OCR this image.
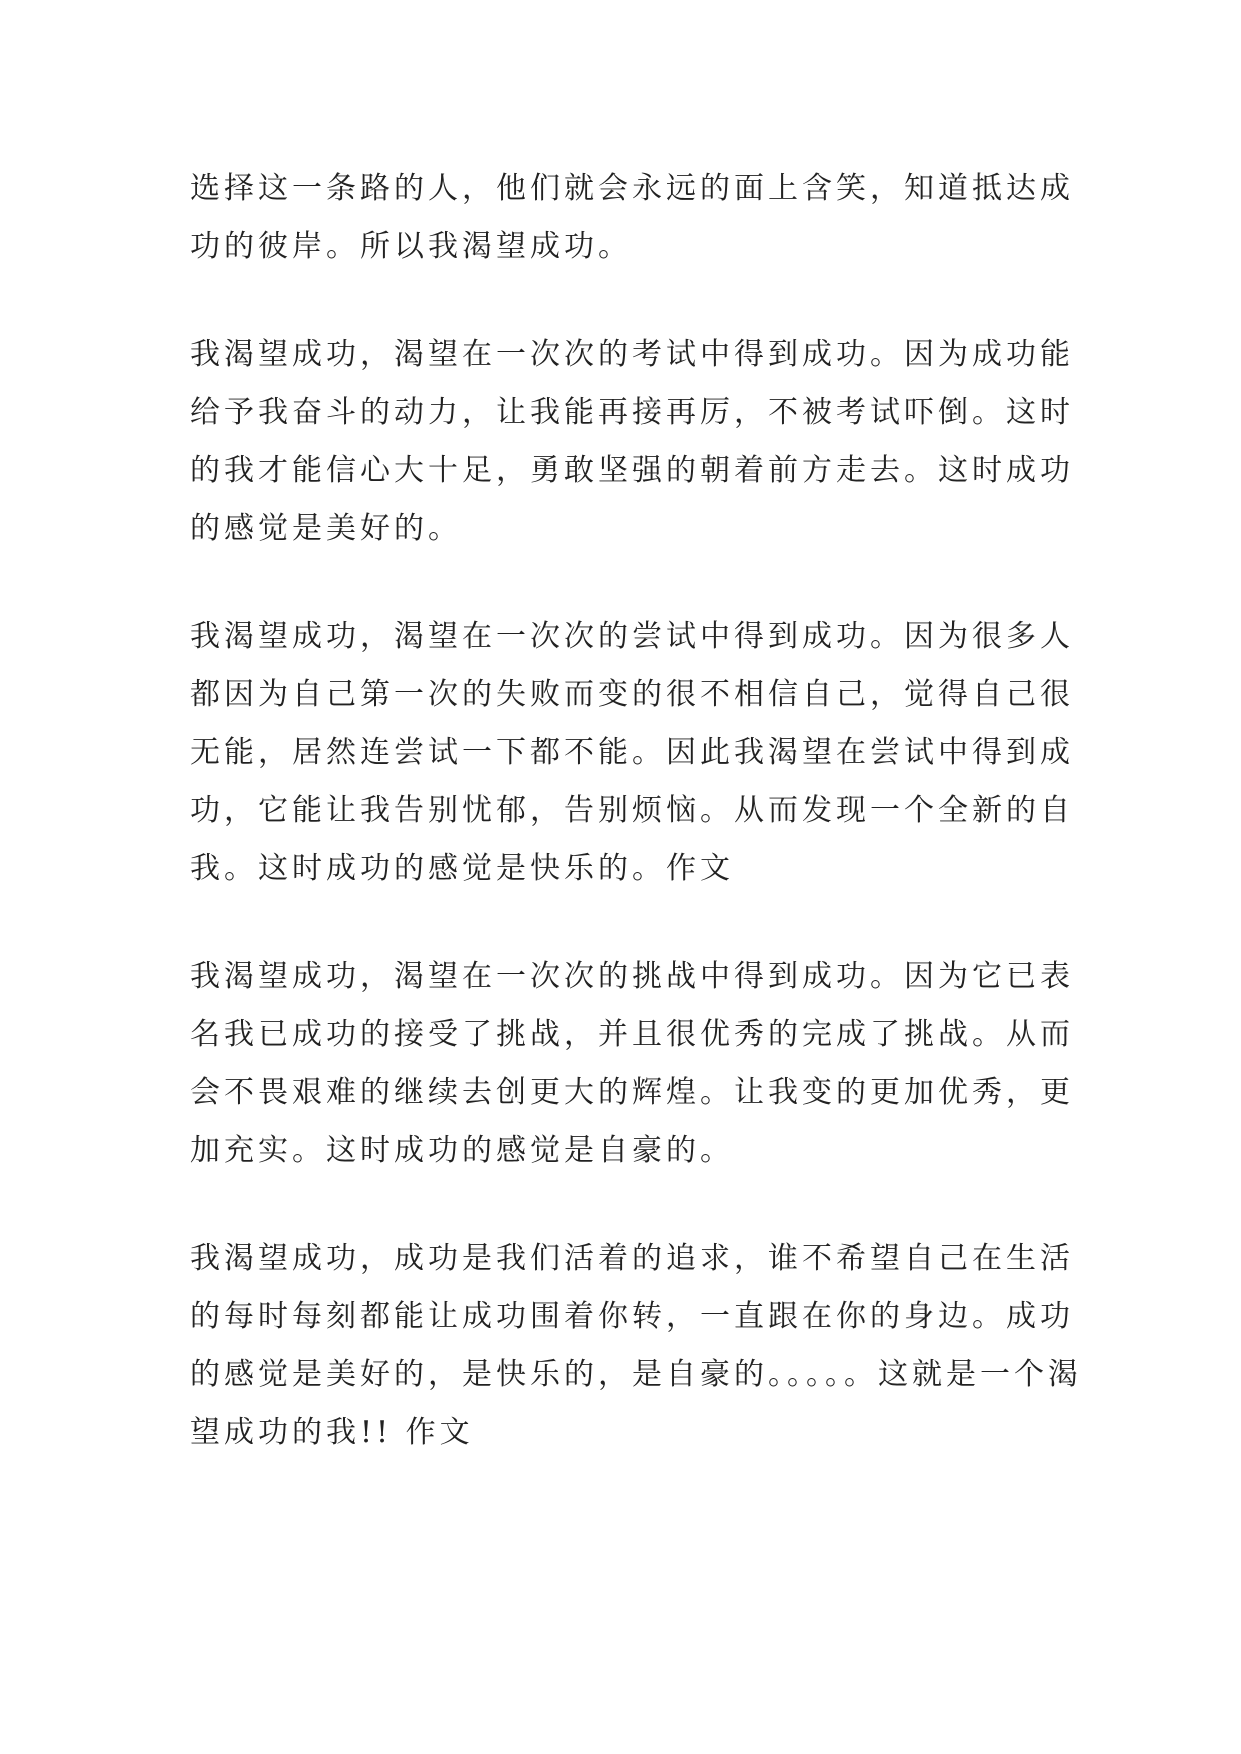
选择这一条路的人，他们就会永远的面上含笑，知道抵达成
功的彼岸。所以我渴望成功。

我渴望成功，渴望在一次次的考试中得到成功。因为成功能
给予我奋斗的动力，让我能再接再厉，不被考试吓倒。这时
的我才能信心大十足，勇敢坚强的朝着前方走去。这时成功
的感觉是美好的。

我渴望成功，渴望在一次次的尝试中得到成功。因为很多人
都因为自己第一次的失败而变的很不相信自己，觉得自己很
无能，居然连尝试一下都不能。因此我渴望在尝试中得到成
功，它能让我告别忧郁，告别烦恼。从而发现一个全新的自
我。这时成功的感觉是快乐的。作文

我渴望成功，渴望在一次次的挑战中得到成功。因为它已表
名我已成功的接受了挑战，并且很优秀的完成了挑战。从而
会不畏艰难的继续去创更大的辉煌。让我变的更加优秀，更
加充实。这时成功的感觉是自豪的。

我渴望成功，成功是我们活着的追求，谁不希望自己在生活
的每时每刻都能让成功围着你转，一直跟在你的身边。成功
的感觉是美好的，是快乐的，是自豪的。。。。。这就是一个渴
望成功的我!! 作文
